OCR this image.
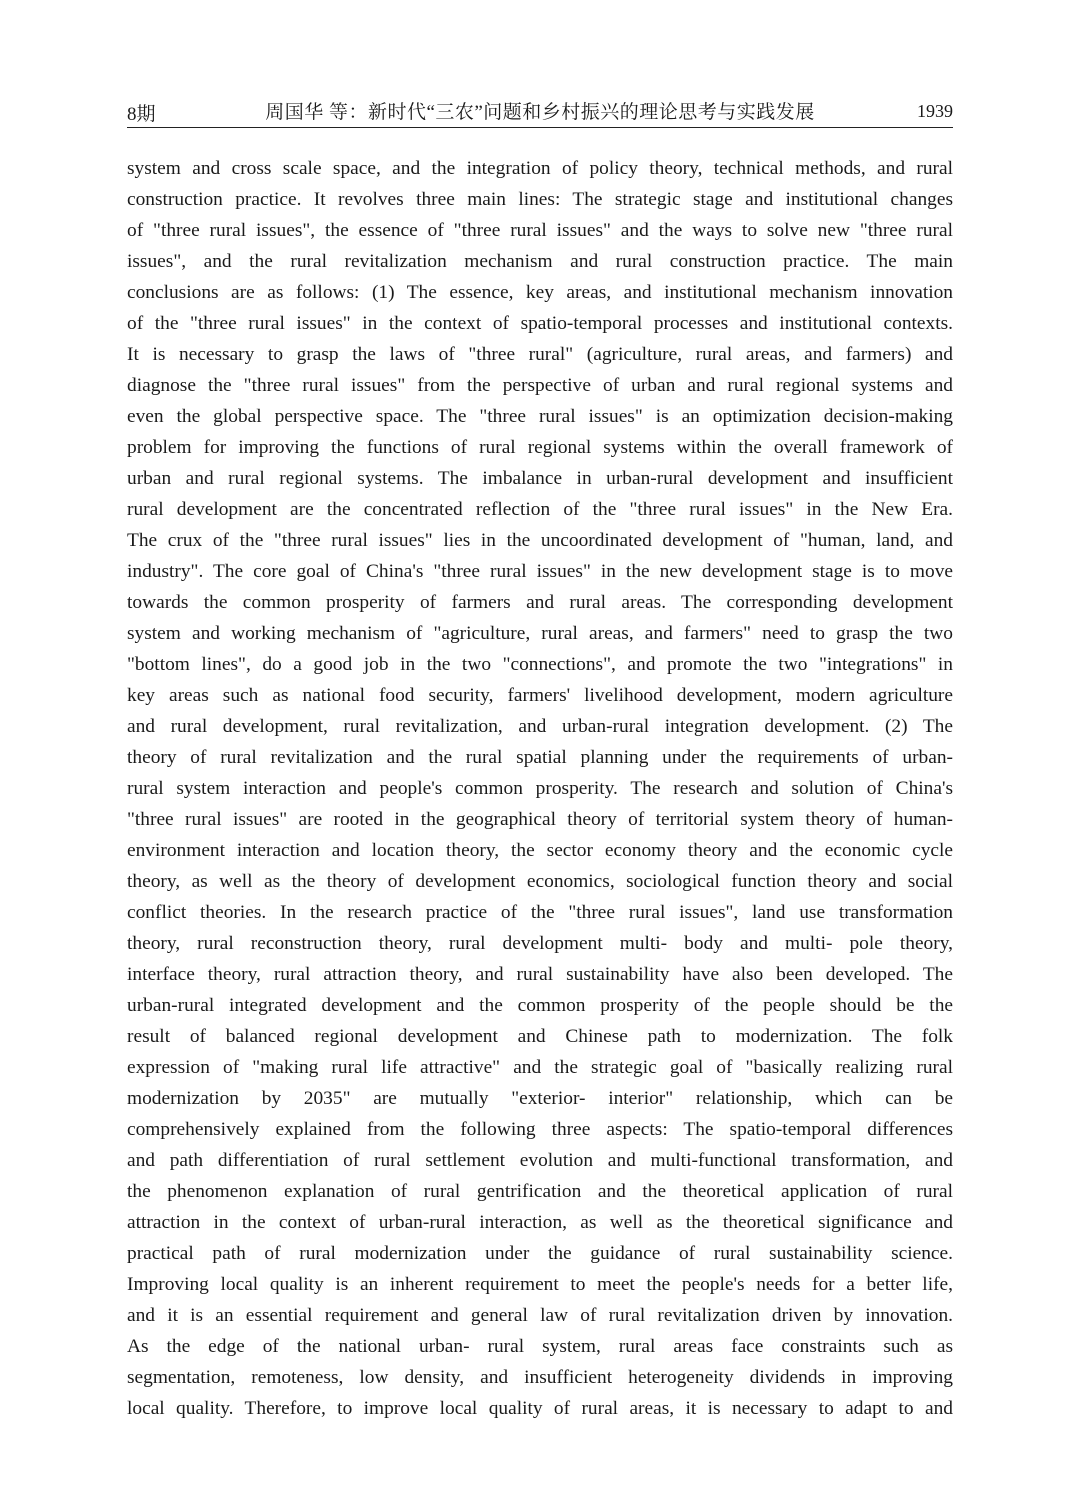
8期	周国华 等：新时代“三农”问题和乡村振兴的理论思考与实践发展	1939
system and cross scale space, and the integration of policy theory, technical methods, and rural
construction practice. It revolves three main lines: The strategic stage and institutional changes
of "three rural issues", the essence of "three rural issues" and the ways to solve new "three rural
issues", and the rural revitalization mechanism and rural construction practice. The main
conclusions are as follows: (1) The essence, key areas, and institutional mechanism innovation
of the "three rural issues" in the context of spatio-temporal processes and institutional contexts.
It is necessary to grasp the laws of "three rural" (agriculture, rural areas, and farmers) and
diagnose the "three rural issues" from the perspective of urban and rural regional systems and
even the global perspective space. The "three rural issues" is an optimization decision-making
problem for improving the functions of rural regional systems within the overall framework of
urban and rural regional systems. The imbalance in urban-rural development and insufficient
rural development are the concentrated reflection of the "three rural issues" in the New Era.
The crux of the "three rural issues" lies in the uncoordinated development of "human, land, and
industry". The core goal of China's "three rural issues" in the new development stage is to move
towards the common prosperity of farmers and rural areas. The corresponding development
system and working mechanism of "agriculture, rural areas, and farmers" need to grasp the two
"bottom lines", do a good job in the two "connections", and promote the two "integrations" in
key areas such as national food security, farmers' livelihood development, modern agriculture
and rural development, rural revitalization, and urban-rural integration development. (2) The
theory of rural revitalization and the rural spatial planning under the requirements of urban-
rural system interaction and people's common prosperity. The research and solution of China's
"three rural issues" are rooted in the geographical theory of territorial system theory of human-
environment interaction and location theory, the sector economy theory and the economic cycle
theory, as well as the theory of development economics, sociological function theory and social
conflict theories. In the research practice of the "three rural issues", land use transformation
theory, rural reconstruction theory, rural development multi- body and multi- pole theory,
interface theory, rural attraction theory, and rural sustainability have also been developed. The
urban-rural integrated development and the common prosperity of the people should be the
result of balanced regional development and Chinese path to modernization. The folk
expression of "making rural life attractive" and the strategic goal of "basically realizing rural
modernization by 2035" are mutually "exterior- interior" relationship, which can be
comprehensively explained from the following three aspects: The spatio-temporal differences
and path differentiation of rural settlement evolution and multi-functional transformation, and
the phenomenon explanation of rural gentrification and the theoretical application of rural
attraction in the context of urban-rural interaction, as well as the theoretical significance and
practical path of rural modernization under the guidance of rural sustainability science.
Improving local quality is an inherent requirement to meet the people's needs for a better life,
and it is an essential requirement and general law of rural revitalization driven by innovation.
As the edge of the national urban- rural system, rural areas face constraints such as
segmentation, remoteness, low density, and insufficient heterogeneity dividends in improving
local quality. Therefore, to improve local quality of rural areas, it is necessary to adapt to and
